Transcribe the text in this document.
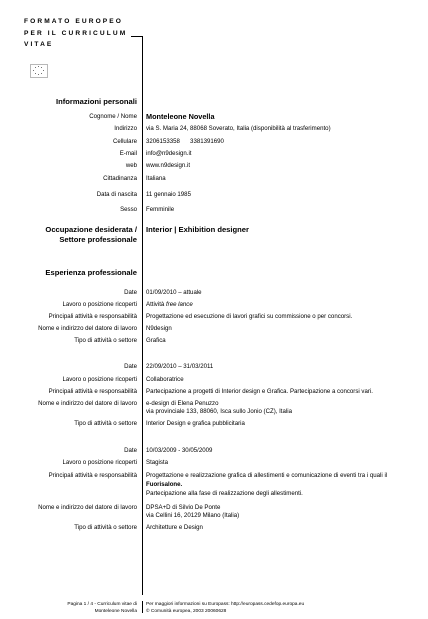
FORMATO EUROPEO
PER IL CURRICULUM
VITAE
Informazioni personali
Cognome / Nome Monteleone Novella
Indirizzo via S. Maria 24, 88068 Soverato, Italia (disponibilità al trasferimento)
Cellulare 3206153358      3381391690
E-mail info@n9design.it
web www.n9design.it
Cittadinanza Italiana
Data di nascita 11 gennaio 1985
Sesso Femminile
Occupazione desiderata /
Settore professionale
Interior | Exhibition designer
Esperienza professionale
Date 01/09/2010 – attuale
Lavoro o posizione ricoperti Attività free lance
Principali attività e responsabilità Progettazione ed esecuzione di lavori grafici su commissione o per concorsi.
Nome e indirizzo del datore di lavoro N9design
Tipo di attività o settore Grafica
Date 22/09/2010 – 31/03/2011
Lavoro o posizione ricoperti Collaboratrice
Principali attività e responsabilità Partecipazione a progetti di Interior design e Grafica. Partecipazione a concorsi vari.
Nome e indirizzo del datore di lavoro e-design di Elena Penuzzo
via provinciale 133, 88060, Isca sullo Jonio (CZ), Italia
Tipo di attività o settore Interior Design e grafica pubblicitaria
Date 10/03/2009 - 30/05/2009
Lavoro o posizione ricoperti Stagista
Principali attività e responsabilità Progettazione e realizzazione grafica di allestimenti e comunicazione di eventi tra i quali il
Fuorisalone.
Partecipazione alla fase di realizzazione degli allestimenti.
Nome e indirizzo del datore di lavoro DPSA+D di Silvio De Ponte
via Cellini 16, 20129 Milano (Italia)
Tipo di attività o settore Architetture e Design
Pagina 1 / 4 - Curriculum vitae di
Monteleone Novella
Per maggiori informazioni su Europass: http://europass.cedefop.europa.eu
© Comunità europea, 2003 20060628
